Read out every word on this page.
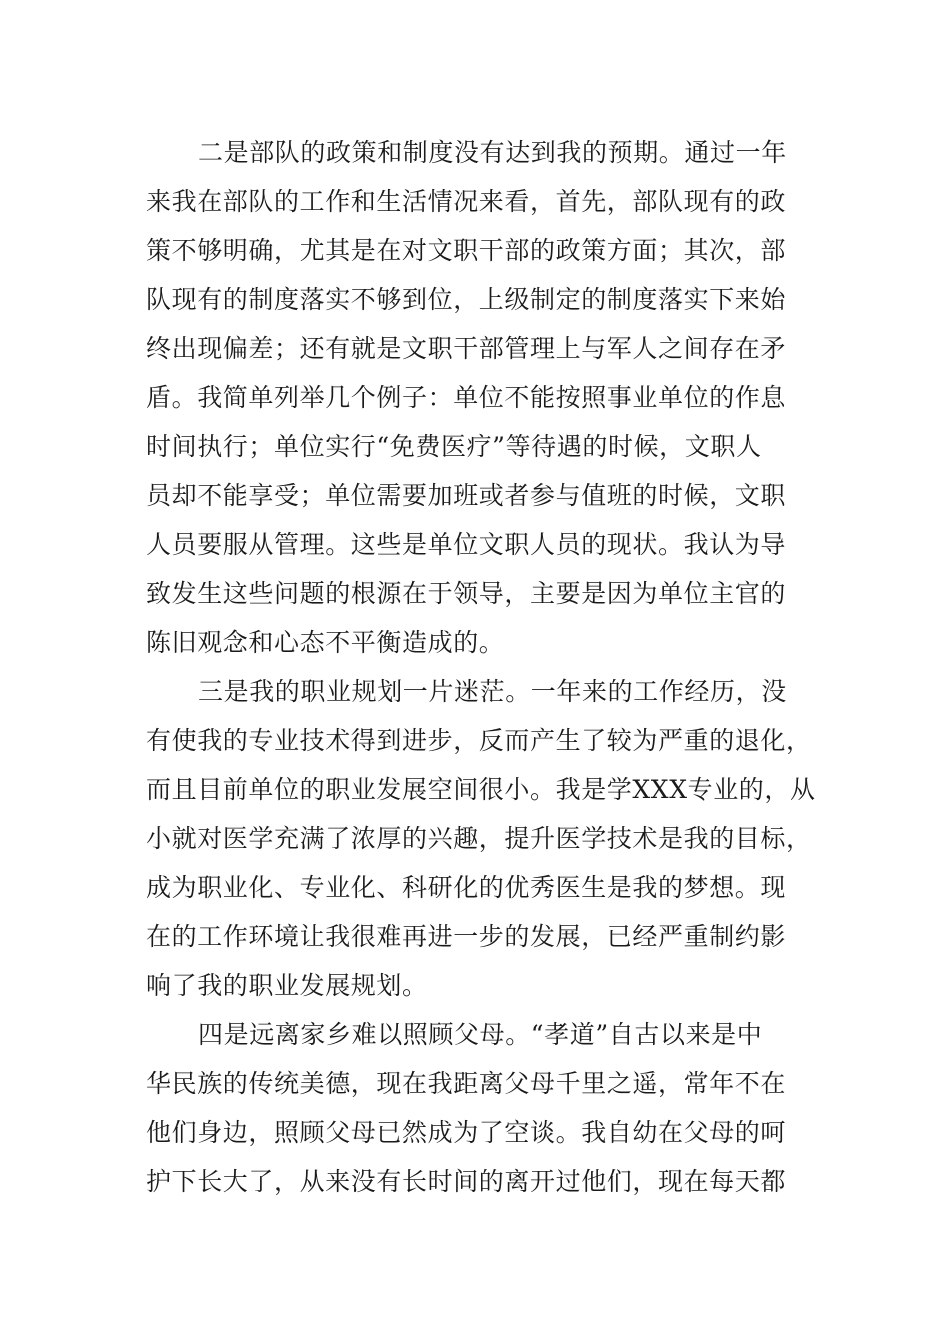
二是部队的政策和制度没有达到我的预期。通过一年
来我在部队的工作和生活情况来看，首先，部队现有的政
策不够明确，尤其是在对文职干部的政策方面；其次，部
队现有的制度落实不够到位，上级制定的制度落实下来始
终出现偏差；还有就是文职干部管理上与军人之间存在矛
盾。我简单列举几个例子：单位不能按照事业单位的作息
时间执行；单位实行“免费医疗”等待遇的时候，文职人
员却不能享受；单位需要加班或者参与值班的时候，文职
人员要服从管理。这些是单位文职人员的现状。我认为导
致发生这些问题的根源在于领导，主要是因为单位主官的
陈旧观念和心态不平衡造成的。
三是我的职业规划一片迷茫。一年来的工作经历，没
有使我的专业技术得到进步，反而产生了较为严重的退化，
而且目前单位的职业发展空间很小。我是学XXX专业的，从
小就对医学充满了浓厚的兴趣，提升医学技术是我的目标，
成为职业化、专业化、科研化的优秀医生是我的梦想。现
在的工作环境让我很难再进一步的发展，已经严重制约影
响了我的职业发展规划。
四是远离家乡难以照顾父母。“孝道”自古以来是中
华民族的传统美德，现在我距离父母千里之遥，常年不在
他们身边，照顾父母已然成为了空谈。我自幼在父母的呵
护下长大了，从来没有长时间的离开过他们，现在每天都
